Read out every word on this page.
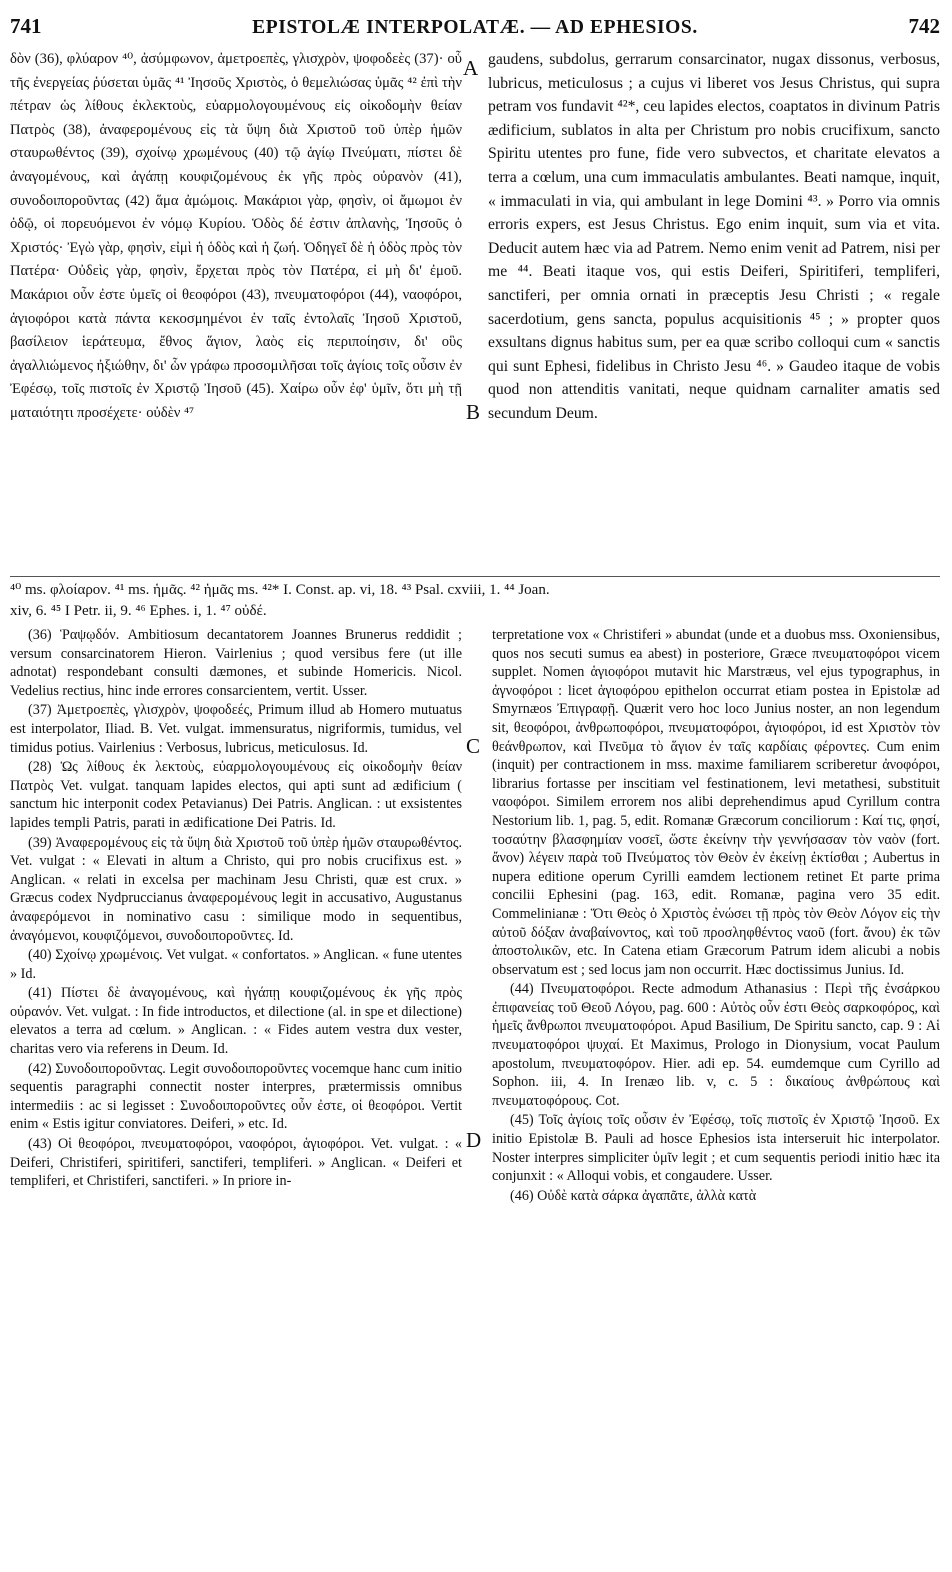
741	EPISTOLÆ INTERPOLATÆ. — AD EPHESIOS.	742
A
B
C
D

δὸν (36), φλύαρον ⁴⁰, ἀσύμφωνον, ἀμετροεπὲς, γλισχρὸν, ψοφοδεὲς (37)· οὗ τῆς ἐνεργείας ῥύσεται ὑμᾶς ⁴¹ Ἰησοῦς Χριστὸς, ὁ θεμελιώσας ὑμᾶς ⁴² ἐπὶ τὴν πέτραν ὡς λίθους ἐκλεκτοὺς, εὐαρμολογουμένους εἰς οἰκοδομὴν θείαν Πατρὸς (38), ἀναφερομένους εἰς τὰ ὕψη διὰ Χριστοῦ τοῦ ὑπὲρ ἡμῶν σταυρωθέντος (39), σχοίνῳ χρωμένους (40) τῷ ἁγίῳ Πνεύματι, πίστει δὲ ἀναγομένους, καὶ ἀγάπῃ κουφιζομένους ἐκ γῆς πρὸς οὐρανὸν (41), συνοδοιποροῦντας (42) ἅμα ἀμώμοις. Μακάριοι γὰρ, φησὶν, οἱ ἄμωμοι ἐν ὁδῷ, οἱ πορευόμενοι ἐν νόμῳ Κυρίου. Ὁδὸς δέ ἐστιν ἀπλανὴς, Ἰησοῦς ὁ Χριστός· Ἐγὼ γὰρ, φησὶν, εἰμὶ ἡ ὁδὸς καὶ ἡ ζωή. Ὁδηγεῖ δὲ ἡ ὁδὸς πρὸς τὸν Πατέρα· Οὐδεὶς γὰρ, φησὶν, ἔρχεται πρὸς τὸν Πατέρα, εἰ μὴ δι' ἐμοῦ. Μακάριοι οὖν ἐστε ὑμεῖς οἱ θεοφόροι (43), πνευματοφόροι (44), ναοφόροι, ἁγιοφόροι κατὰ πάντα κεκοσμημένοι ἐν ταῖς ἐντολαῖς Ἰησοῦ Χριστοῦ, βασίλειον ἱεράτευμα, ἔθνος ἅγιον, λαὸς εἰς περιποίησιν, δι' οὓς ἀγαλλιώμενος ἠξιώθην, δι' ὧν γράφω προσομιλῆσαι τοῖς ἁγίοις τοῖς οὖσιν ἐν Ἐφέσῳ, τοῖς πιστοῖς ἐν Χριστῷ Ἰησοῦ (45). Χαίρω οὖν ἐφ' ὑμῖν, ὅτι μὴ τῇ ματαιότητι προσέχετε· οὐδὲν ⁴⁷

gaudens, subdolus, gerrarum consarcinator, nugax dissonus, verbosus, lubricus, meticulosus ; a cujus vi liberet vos Jesus Christus, qui supra petram vos fundavit ⁴²*, ceu lapides electos, coaptatos in divinum Patris ædificium, sublatos in alta per Christum pro nobis crucifixum, sancto Spiritu utentes pro fune, fide vero subvectos, et charitate elevatos a terra a cœlum, una cum immaculatis ambulantes. Beati namque, inquit, « immaculati in via, qui ambulant in lege Domini ⁴³. » Porro via omnis erroris expers, est Jesus Christus. Ego enim inquit, sum via et vita. Deducit autem hæc via ad Patrem. Nemo enim venit ad Patrem, nisi per me ⁴⁴. Beati itaque vos, qui estis Deiferi, Spiritiferi, templiferi, sanctiferi, per omnia ornati in præceptis Jesu Christi ; « regale sacerdotium, gens sancta, populus acquisitionis ⁴⁵ ; » propter quos exsultans dignus habitus sum, per ea quæ scribo colloqui cum « sanctis qui sunt Ephesi, fidelibus in Christo Jesu ⁴⁶. » Gaudeo itaque de vobis quod non attenditis vanitati, neque quidnam carnaliter amatis sed secundum Deum.

⁴⁰ ms. φλοίαρον. ⁴¹ ms. ἡμᾶς. ⁴² ἡμᾶς ms. ⁴²* I. Const. ap. vi, 18. ⁴³ Psal. cxviii, 1. ⁴⁴ Joan.

xiv, 6. ⁴⁵ I Petr. ii, 9. ⁴⁶ Ephes. i, 1. ⁴⁷ οὐδέ.

(36) Ῥαψῳδόν. Ambitiosum decantatorem Joannes Brunerus reddidit ; versum consarcinatorem Hieron. Vairlenius ; quod versibus fere (ut ille adnotat) respondebant consulti dæmones, et subinde Homericis. Nicol. Vedelius rectius, hinc inde errores consarcientem, vertit. Usser.

(37) Ἀμετροεπὲς, γλισχρὸν, ψοφοδεές, Primum illud ab Homero mutuatus est interpolator, Iliad. B. Vet. vulgat. immensuratus, nigriformis, tumidus, vel timidus potius. Vairlenius : Verbosus, lubricus, meticulosus. Id.

(28) Ὡς λίθους ἐκ λεκτοὺς, εὐαρμολογουμένους εἰς οἰκοδομὴν θείαν Πατρὸς Vet. vulgat. tanquam lapides electos, qui apti sunt ad ædificium ( sanctum hic interponit codex Petavianus) Dei Patris. Anglican. : ut exsistentes lapides templi Patris, parati in ædificatione Dei Patris. Id.

(39) Ἀναφερομένους εἰς τὰ ὕψη διὰ Χριστοῦ τοῦ ὑπὲρ ἡμῶν σταυρωθέντος. Vet. vulgat : « Elevati in altum a Christo, qui pro nobis crucifixus est. » Anglican. « relati in excelsa per machinam Jesu Christi, quæ est crux. » Græcus codex Nydpruccianus ἀναφερομένους legit in accusativo, Augustanus ἀναφερόμενοι in nominativo casu : similique modo in sequentibus, ἀναγόμενοι, κουφιζόμενοι, συνοδοιποροῦντες. Id.

(40) Σχοίνῳ χρωμένοις. Vet vulgat. « confortatos. » Anglican. « fune utentes » Id.

(41) Πίστει δὲ ἀναγομένους, καὶ ἠγάπῃ κουφιζομένους ἐκ γῆς πρὸς οὐρανόν. Vet. vulgat. : In fide introductos, et dilectione (al. in spe et dilectione) elevatos a terra ad cœlum. » Anglican. : « Fides autem vestra dux vester, charitas vero via referens in Deum. Id.

(42) Συνοδοιποροῦντας. Legit συνοδοιποροῦντες vocemque hanc cum initio sequentis paragraphi connectit noster interpres, prætermissis omnibus intermediis : ac si legisset : Συνοδοιποροῦντες οὖν ἐστε, οἱ θεοφόροι. Vertit enim « Estis igitur conviatores. Deiferi, » etc. Id.

(43) Οἱ θεοφόροι, πνευματοφόροι, ναοφόροι, ἁγιοφόροι. Vet. vulgat. : « Deiferi, Christiferi, spiritiferi, sanctiferi, templiferi. » Anglican. « Deiferi et templiferi, et Christiferi, sanctiferi. » In priore in-

terpretatione vox « Christiferi » abundat (unde et a duobus mss. Oxoniensibus, quos nos secuti sumus ea abest) in posteriore, Græce πνευματοφόροι vicem supplet. Nomen ἁγιοφόροι mutavit hic Marstræus, vel ejus typographus, in ἀγνοφόροι : licet ἁγιοφόρου epithelon occurrat etiam postea in Epistolæ ad Smyrnæos Ἐπιγραφῇ. Quærit vero hoc loco Junius noster, an non legendum sit, θεοφόροι, ἀνθρωποφόροι, πνευματοφόροι, ἁγιοφόροι, id est Χριστὸν τὸν θεάνθρωπον, καὶ Πνεῦμα τὸ ἅγιον ἐν ταῖς καρδίαις φέροντες. Cum enim (inquit) per contractionem in mss. maxime familiarem scriberetur ἀνοφόροι, librarius fortasse per inscitiam vel festinationem, levi metathesi, substituit ναοφόροι. Similem errorem nos alibi deprehendimus apud Cyrillum contra Nestorium lib. 1, pag. 5, edit. Romanæ Græcorum conciliorum : Καί τις, φησί, τοσαύτην βλασφημίαν νοσεῖ, ὥστε ἐκείνην τὴν γεννήσασαν τὸν ναὸν (fort. ἄνον) λέγειν παρὰ τοῦ Πνεύματος τὸν Θεὸν ἐν ἐκείνῃ ἐκτίσθαι ; Aubertus in nupera editione operum Cyrilli eamdem lectionem retinet Et parte prima concilii Ephesini (pag. 163, edit. Romanæ, pagina vero 35 edit. Commelinianæ : Ὅτι Θεὸς ὁ Χριστὸς ἐνώσει τῇ πρὸς τὸν Θεὸν Λόγον εἰς τὴν αὐτοῦ δόξαν ἀναβαίνοντος, καὶ τοῦ προσληφθέντος ναοῦ (fort. ἄνου) ἐκ τῶν ἀποστολικῶν, etc. In Catena etiam Græcorum Patrum idem alicubi a nobis observatum est ; sed locus jam non occurrit. Hæc doctissimus Junius. Id.

(44) Πνευματοφόροι. Recte admodum Athanasius : Περὶ τῆς ἐνσάρκου ἐπιφανείας τοῦ Θεοῦ Λόγου, pag. 600 : Αὐτὸς οὖν ἐστι Θεὸς σαρκοφόρος, καὶ ἡμεῖς ἄνθρωποι πνευματοφόροι. Apud Basilium, De Spiritu sancto, cap. 9 : Αἱ πνευματοφόροι ψυχαί. Et Maximus, Prologo in Dionysium, vocat Paulum apostolum, πνευματοφόρον. Hier. adi ep. 54. eumdemque cum Cyrillo ad Sophon. iii, 4. In Irenæo lib. v, c. 5 : δικαίους ἀνθρώπους καὶ πνευματοφόρους. Cot.

(45) Τοῖς ἁγίοις τοῖς οὖσιν ἐν Ἐφέσῳ, τοῖς πιστοῖς ἐν Χριστῷ Ἰησοῦ. Ex initio Epistolæ B. Pauli ad hosce Ephesios ista interseruit hic interpolator. Noster interpres simpliciter ὑμῖν legit ; et cum sequentis periodi initio hæc ita conjunxit : « Alloqui vobis, et congaudere. Usser.

(46) Οὐδὲ κατὰ σάρκα ἀγαπᾶτε, ἀλλὰ κατὰ
